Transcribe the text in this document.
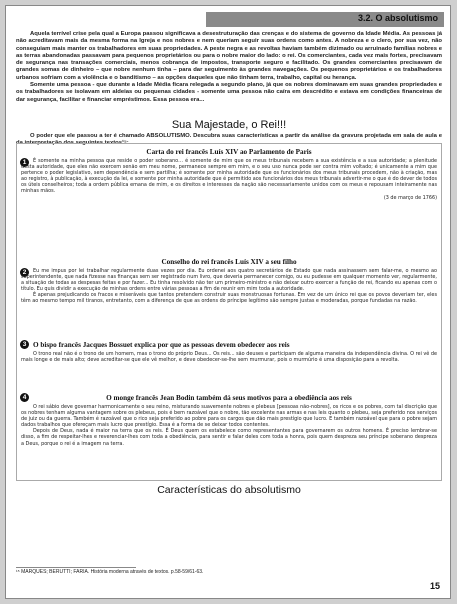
3.2. O absolutismo

Aquela terrível crise pela qual a Europa passou significava a desestruturação das crenças e do sistema de governo da Idade Média. As pessoas já não acreditavam mais da mesma forma na Igreja e nos nobres e nem queriam seguir suas ordens como antes. A nobreza e o clero, por sua vez, não conseguiam mais manter os trabalhadores em suas propriedades. A peste negra e as revoltas haviam também dizimado ou arruinado famílias nobres e as terras abandonadas passavam para pequenos proprietários ou para o nobre maior do lado: o rei. Os comerciantes, cada vez mais fortes, precisavam de segurança nas transações comerciais, menos cobrança de impostos, transporte seguro e facilitado. Os grandes comerciantes precisavam de grandes somas de dinheiro – que nobre nenhum tinha – para dar seguimento às grandes navegações. Os pequenos proprietários e os trabalhadores urbanos sofriam com a violência e o banditismo – as opções daqueles que não tinham terra, trabalho, capital ou herança.

Somente uma pessoa - que durante a Idade Média ficara relegada a segundo plano, já que os nobres dominavam em suas grandes propriedades e os trabalhadores se isolavam em aldeias ou pequenas cidades - somente uma pessoa não caíra em descrédito e estava em condições financeiras de dar segurança, facilitar e financiar empréstimos. Essa pessoa era...

Sua Majestade, o Rei!!!

O poder que ele passou a ter é chamado ABSOLUTISMO. Descubra suas características a partir da análise da gravura projetada em sala de aula e da interpretação dos seguintes textos¹⁵:

Carta do rei francês Luís XIV ao Parlamento de Paris
1	É somente na minha pessoa que reside o poder soberano… é somente de mim que os meus tribunais recebem a sua existência e a sua autoridade; a plenitude desta autoridade, que eles não exercem senão em meu nome, permanece sempre em mim, e o seu uso nunca pode ser contra mim voltado; é unicamente a mim que pertence o poder legislativo, sem dependência e sem partilha; é somente por minha autoridade que os funcionários dos meus tribunais procedem, não à criação, mas ao registro, à publicação, à execução da lei, e somente por minha autoridade que é permitido aos funcionários dos meus tribunais advertir-me o que é do dever de todos os úteis conselheiros; toda a ordem pública emana de mim, e os direitos e interesses da nação são necessariamente unidos com os meus e repousam inteiramente nas minhas mãos.

(3 de março de 1766)

Conselho do rei francês Luís XIV a seu filho
2	Eu me impus por lei trabalhar regularmente duas vezes por dia. Eu ordenei aos quatro secretários de Estado que nada assinassem sem falar-me, o mesmo ao superintendente, que nada fizesse nas finanças sem ser registrado num livro, que deveria permanecer comigo, ou eu pudesse em qualquer momento ver, regularmente, a situação de todas as despesas feitas e por fazer... Eu tinha resolvido não ter um primeiro-ministro e não deixar outro exercer a função de rei, ficando eu apenas com o título. Eu quis dividir a execução de minhas ordens entre várias pessoas a fim de reunir em mim toda a autoridade.

É apenas prejudicando os fracos e miseráveis que tantos pretendem construir suas monstruosas fortunas. Em vez de um único rei que os povos deveriam ter, eles têm ao mesmo tempo mil tiranos, entretanto, com a diferença de que as ordens do príncipe legítimo são sempre justas e moderadas, porque fundadas na razão.

3 O bispo francês Jacques Bossuet explica por que as pessoas devem obedecer aos reis

O trono real não é o trono de um homem, mas o trono do próprio Deus... Os reis... são deuses e participam de alguma maneira da independência divina. O rei vê de mais longe e de mais alto; deve acreditar-se que ele vê melhor, e deve obedecer-se-lhe sem murmurar, pois o murmúrio é uma disposição para a revolta.

4	O monge francês Jean Bodin também dá seus motivos para a obediência aos reis

O rei sábio deve governar harmonicamente o seu reino, misturando suavemente nobres e plebeus [pessoas não-nobres], os ricos e os pobres, com tal discrição que os nobres tenham alguma vantagem sobre os plebeus, pois é bem razoável que o nobre, tão excelente nas armas e nas leis quanto o plebeu, seja preferido nos serviços de juiz ou da guerra. Também é razoável que o rico seja preferido ao pobre para os cargos que dão mais prestígio que lucro. E também razoável que para o pobre sejam dados trabalhos que ofereçam mais lucro que prestígio. Essa é a forma de se deixar todos contentes.

Depois de Deus, nada é maior na terra que os reis. É Deus quem os estabelece como representantes para governarem os outros homens. É preciso lembrar-se disso, a fim de respeitar-lhes e reverenciar-lhes com toda a obediência, para sentir e falar deles com toda a honra, pois quem despreza seu príncipe soberano despreza a Deus, porque o rei é a imagem na terra.

Características do absolutismo
¹⁵ MARQUES; BERUTTI; FARIA. História moderna através de textos. p.58-59/61-63.
15
